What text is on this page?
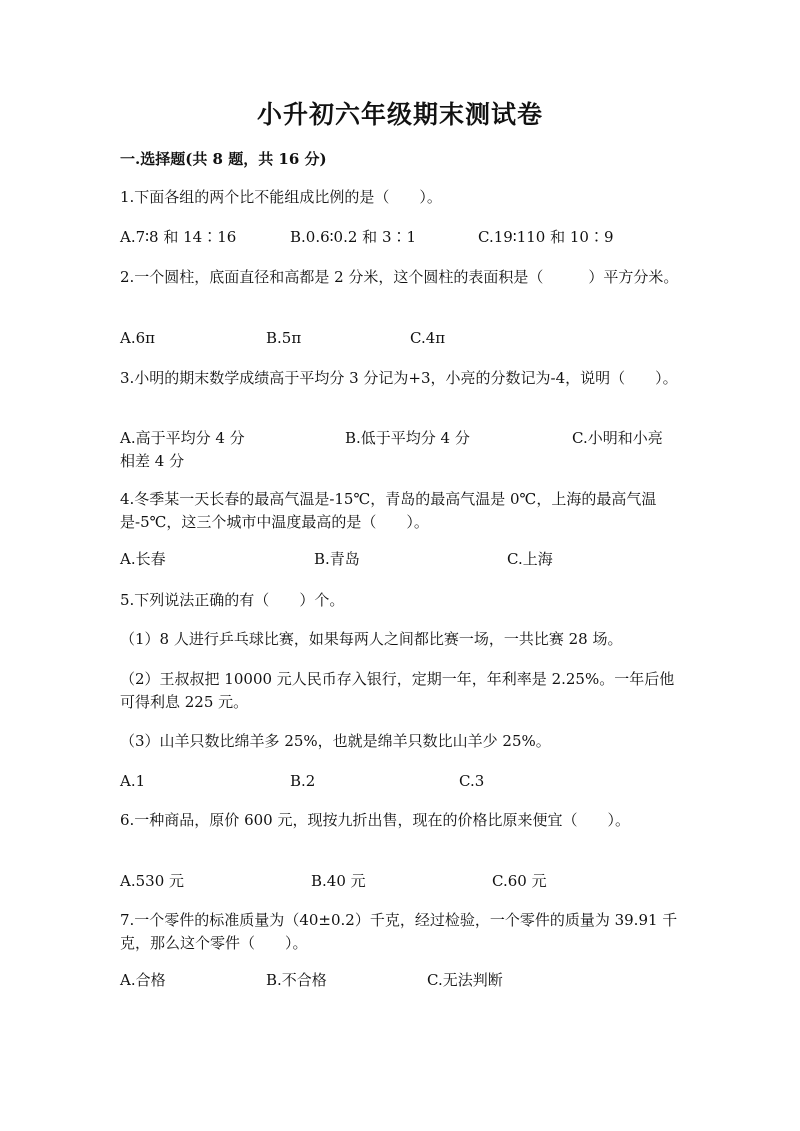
小升初六年级期末测试卷
一.选择题(共 8 题，共 16 分)
1.下面各组的两个比不能组成比例的是（　　）。
A.7∶8 和 14∶16	B.0.6∶0.2 和 3∶1	C.19∶110 和 10∶9
2.一个圆柱，底面直径和高都是 2 分米，这个圆柱的表面积是（　　　）平方分米。
A.6π	B.5π	C.4π
3.小明的期末数学成绩高于平均分 3 分记为+3，小亮的分数记为-4，说明（　　）。
A.高于平均分 4 分	B.低于平均分 4 分	C.小明和小亮
相差 4 分
4.冬季某一天长春的最高气温是-15℃，青岛的最高气温是 0℃，上海的最高气温是-5℃，这三个城市中温度最高的是（　　）。
A.长春	B.青岛	C.上海
5.下列说法正确的有（　　）个。
（1）8 人进行乒乓球比赛，如果每两人之间都比赛一场，一共比赛 28 场。
（2）王叔叔把 10000 元人民币存入银行，定期一年，年利率是 2.25%。一年后他可得利息 225 元。
（3）山羊只数比绵羊多 25%，也就是绵羊只数比山羊少 25%。
A.1	B.2	C.3
6.一种商品，原价 600 元，现按九折出售，现在的价格比原来便宜（　　）。
A.530 元	B.40 元	C.60 元
7.一个零件的标准质量为（40±0.2）千克，经过检验，一个零件的质量为 39.91 千克，那么这个零件（　　）。
A.合格	B.不合格	C.无法判断
